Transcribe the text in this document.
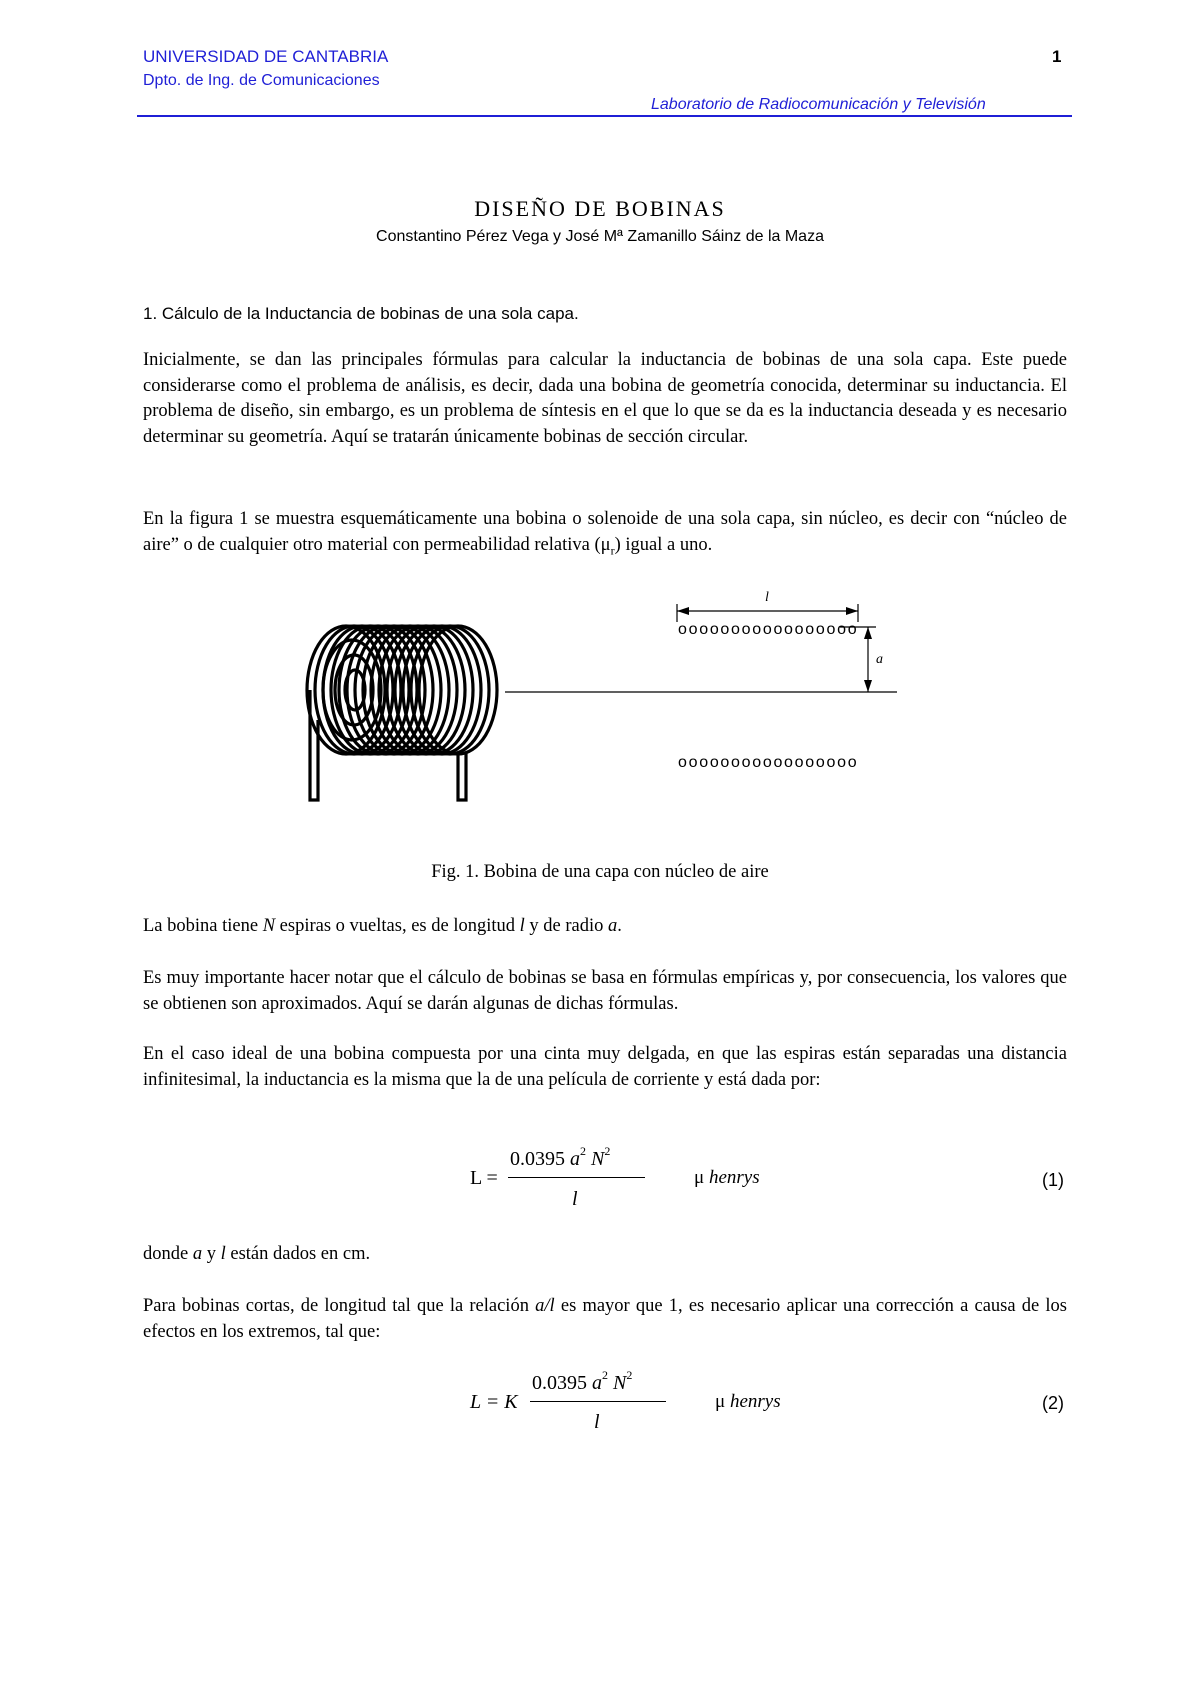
UNIVERSIDAD DE CANTABRIA
Dpto. de Ing. de Comunicaciones
1
Laboratorio de Radiocomunicación y Televisión
DISEÑO DE BOBINAS
Constantino Pérez Vega y José Mª Zamanillo Sáinz de la Maza
1. Cálculo de la Inductancia de bobinas de una sola capa.
Inicialmente, se dan las principales fórmulas para calcular la inductancia de bobinas de una sola capa. Este puede considerarse como el problema de análisis, es decir, dada una bobina de geometría conocida, determinar su inductancia. El problema de diseño, sin embargo, es un problema de síntesis en el que lo que se da es la inductancia deseada y es necesario determinar su geometría. Aquí se tratarán únicamente bobinas de sección circular.
En la figura 1 se muestra esquemáticamente una bobina o solenoide de una sola capa, sin núcleo, es decir con “núcleo de aire” o de cualquier otro material con permeabilidad relativa $(\mu_r)$ igual a uno.
l
a
ooooooooooooooooo
ooooooooooooooooo
Fig. 1. Bobina de una capa con núcleo de aire
La bobina tiene N espiras o vueltas, es de longitud l y de radio a.
Es muy importante hacer notar que el cálculo de bobinas se basa en fórmulas empíricas y, por consecuencia, los valores que se obtienen son aproximados. Aquí se darán algunas de dichas fórmulas.
En el caso ideal de una bobina compuesta por una cinta muy delgada, en que las espiras están separadas una distancia infinitesimal, la inductancia es la misma que la de una película de corriente y está dada por:
L =
0.0395 $a^2$ $N^2$
l
μ henrys	(1)
donde a y l están dados en cm.
Para bobinas cortas, de longitud tal que la relación a/l es mayor que 1, es necesario aplicar una corrección a causa de los efectos en los extremos, tal que:
L = K
0.0395 $a^2$ $N^2$
l
μ henrys	(2)
